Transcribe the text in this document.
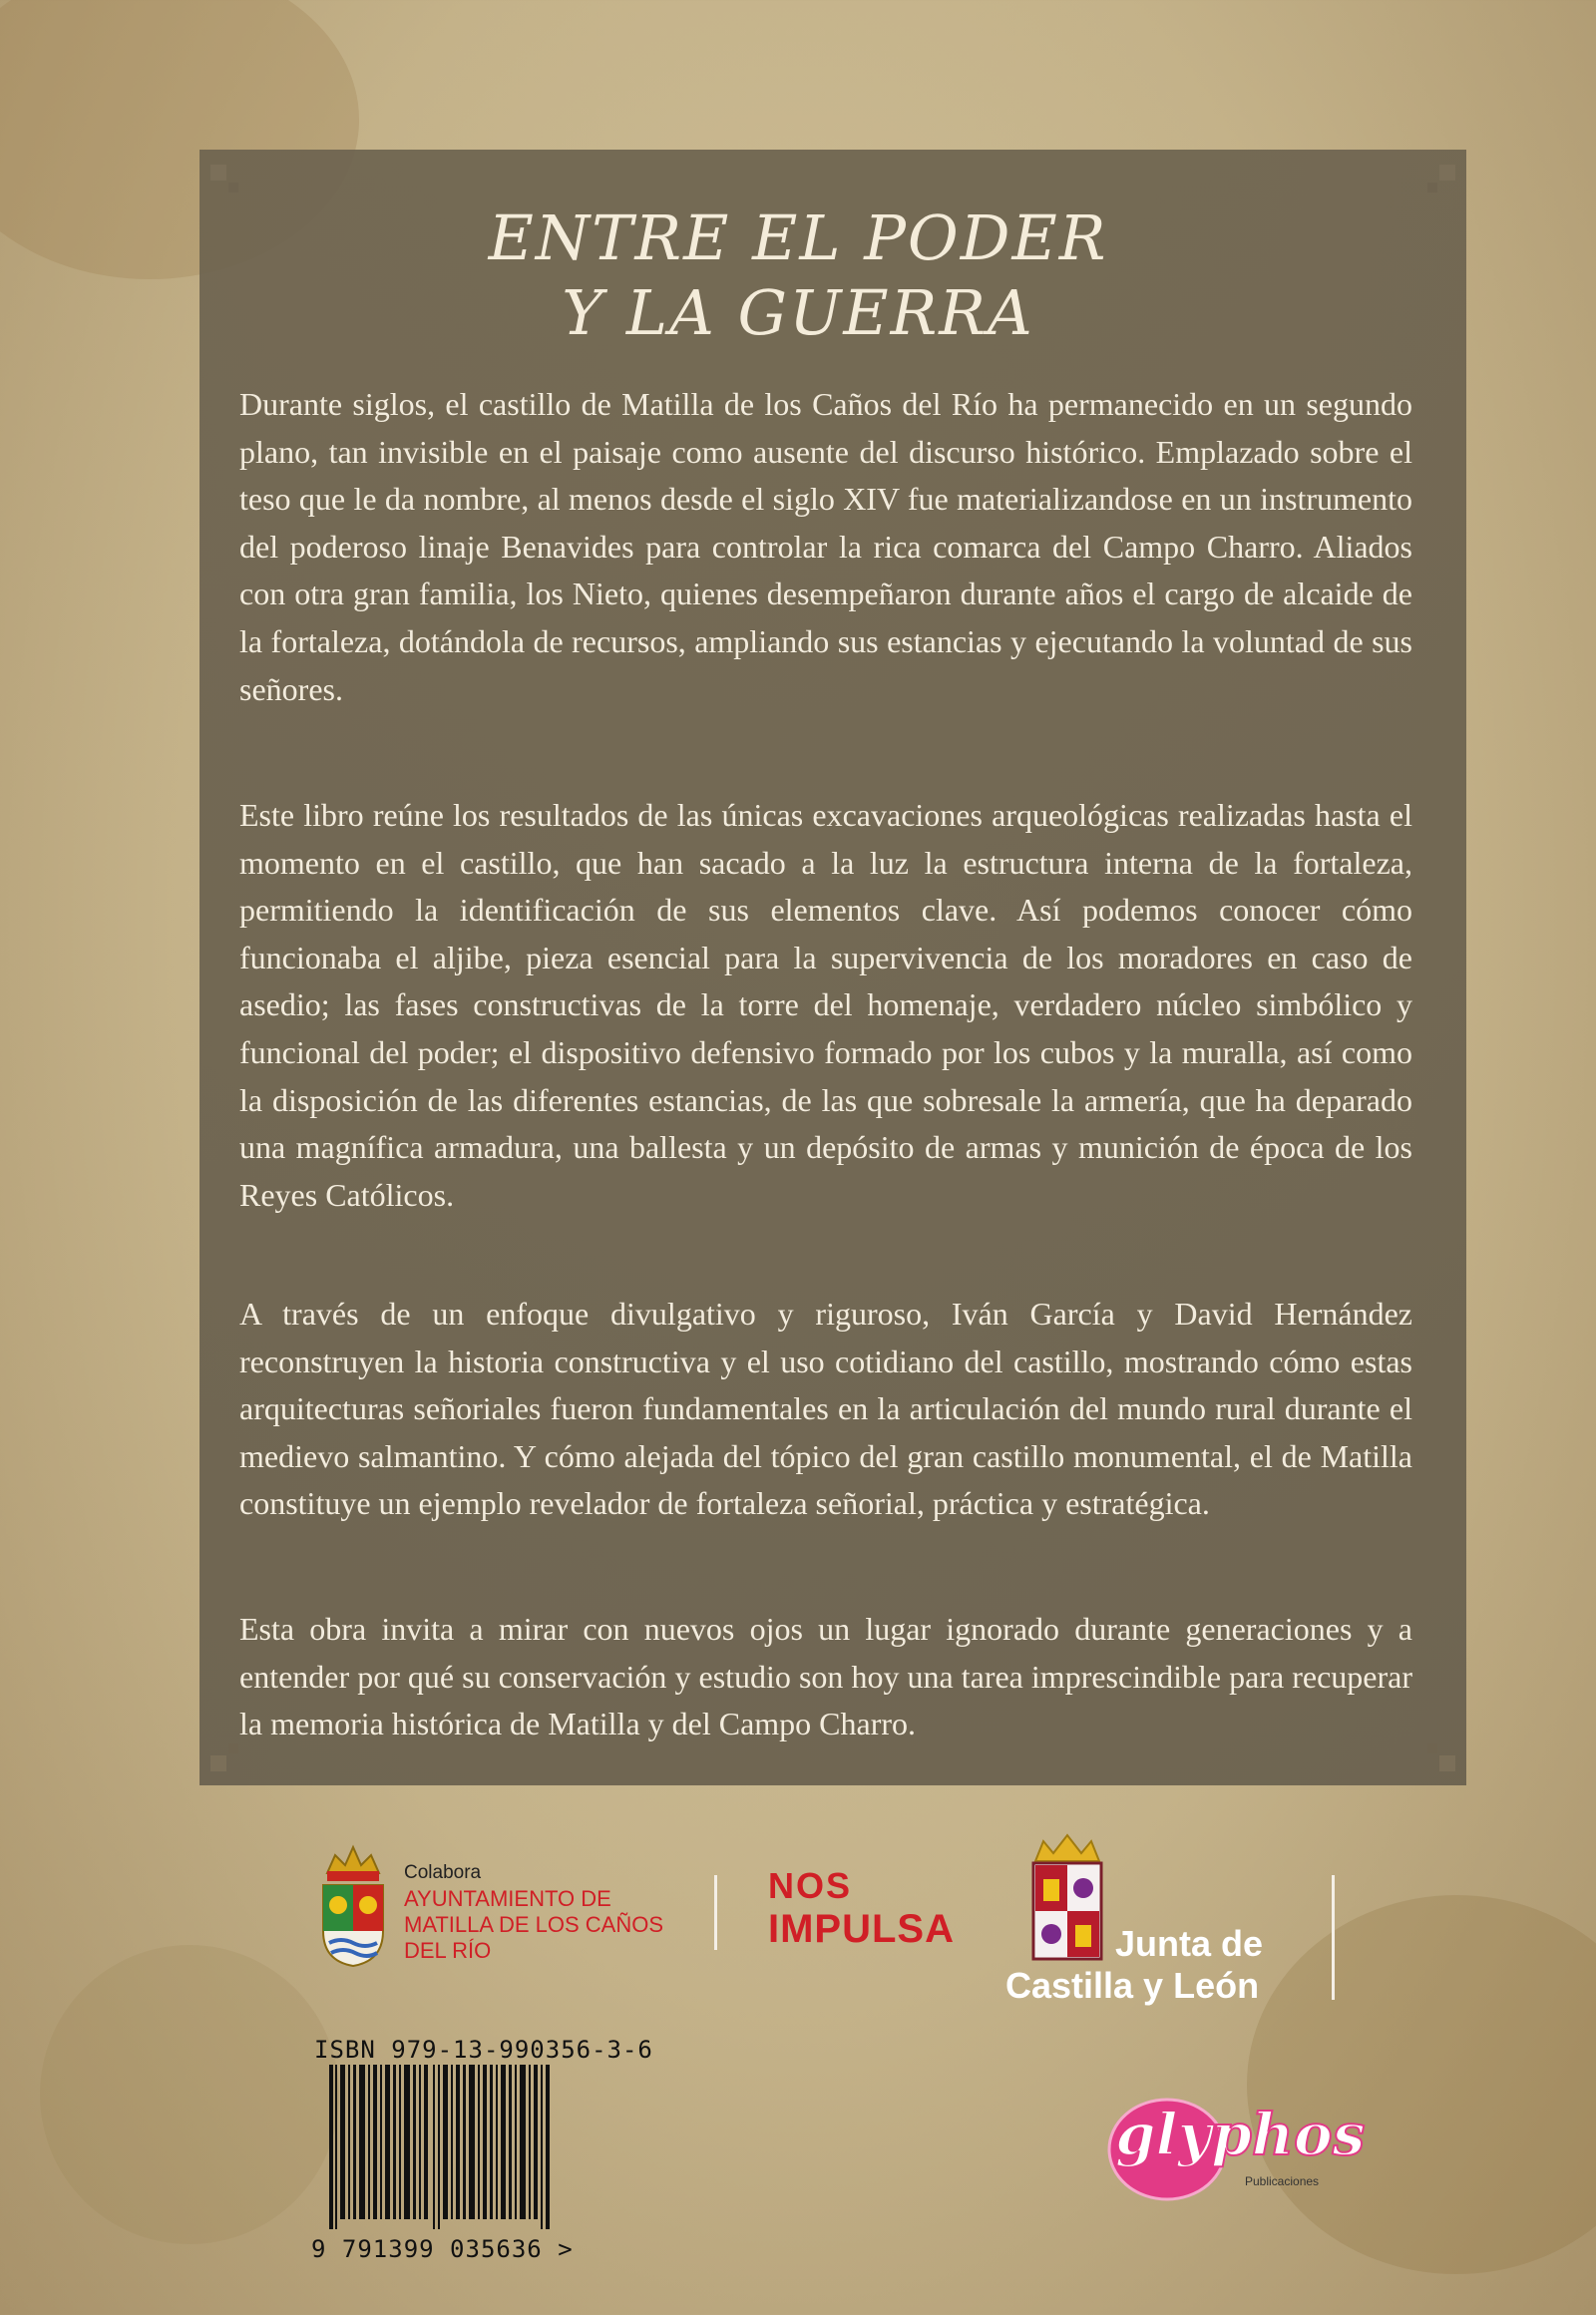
ENTRE EL PODER
Y LA GUERRA

Durante siglos, el castillo de Matilla de los Caños del Río ha permanecido en un segundo plano, tan invisible en el paisaje como ausente del discurso histórico. Emplazado sobre el teso que le da nombre, al menos desde el siglo XIV fue materializandose en un instrumento del poderoso linaje Benavides para controlar la rica comarca del Campo Charro. Aliados con otra gran familia, los Nieto, quienes desempeñaron durante años el cargo de alcaide de la fortaleza, dotándola de recursos, ampliando sus estancias y ejecutando la voluntad de sus señores.

Este libro reúne los resultados de las únicas excavaciones arqueológicas realizadas hasta el momento en el castillo, que han sacado a la luz la estructura interna de la fortaleza, permitiendo la identificación de sus elementos clave. Así podemos conocer cómo funcionaba el aljibe, pieza esencial para la supervivencia de los moradores en caso de asedio; las fases constructivas de la torre del homenaje, verdadero núcleo simbólico y funcional del poder; el dispositivo defensivo formado por los cubos y la muralla, así como la disposición de las diferentes estancias, de las que sobresale la armería, que ha deparado una magnífica armadura, una ballesta y un depósito de armas y munición de época de los Reyes Católicos.

A través de un enfoque divulgativo y riguroso, Iván García y David Hernández reconstruyen la historia constructiva y el uso cotidiano del castillo, mostrando cómo estas arquitecturas señoriales fueron fundamentales en la articulación del mundo rural durante el medievo salmantino. Y cómo alejada del tópico del gran castillo monumental, el de Matilla constituye un ejemplo revelador de fortaleza señorial, práctica y estratégica.

Esta obra invita a mirar con nuevos ojos un lugar ignorado durante generaciones y a entender por qué su conservación y estudio son hoy una tarea imprescindible para recuperar la memoria histórica de Matilla y del Campo Charro.

Colabora
AYUNTAMIENTO DE
MATILLA DE LOS CAÑOS
DEL RÍO
NOS
IMPULSA	Junta de
Castilla y León
ISBN 979-13-990356-3-6
9 791399 035636 >
glyphos
Publicaciones
